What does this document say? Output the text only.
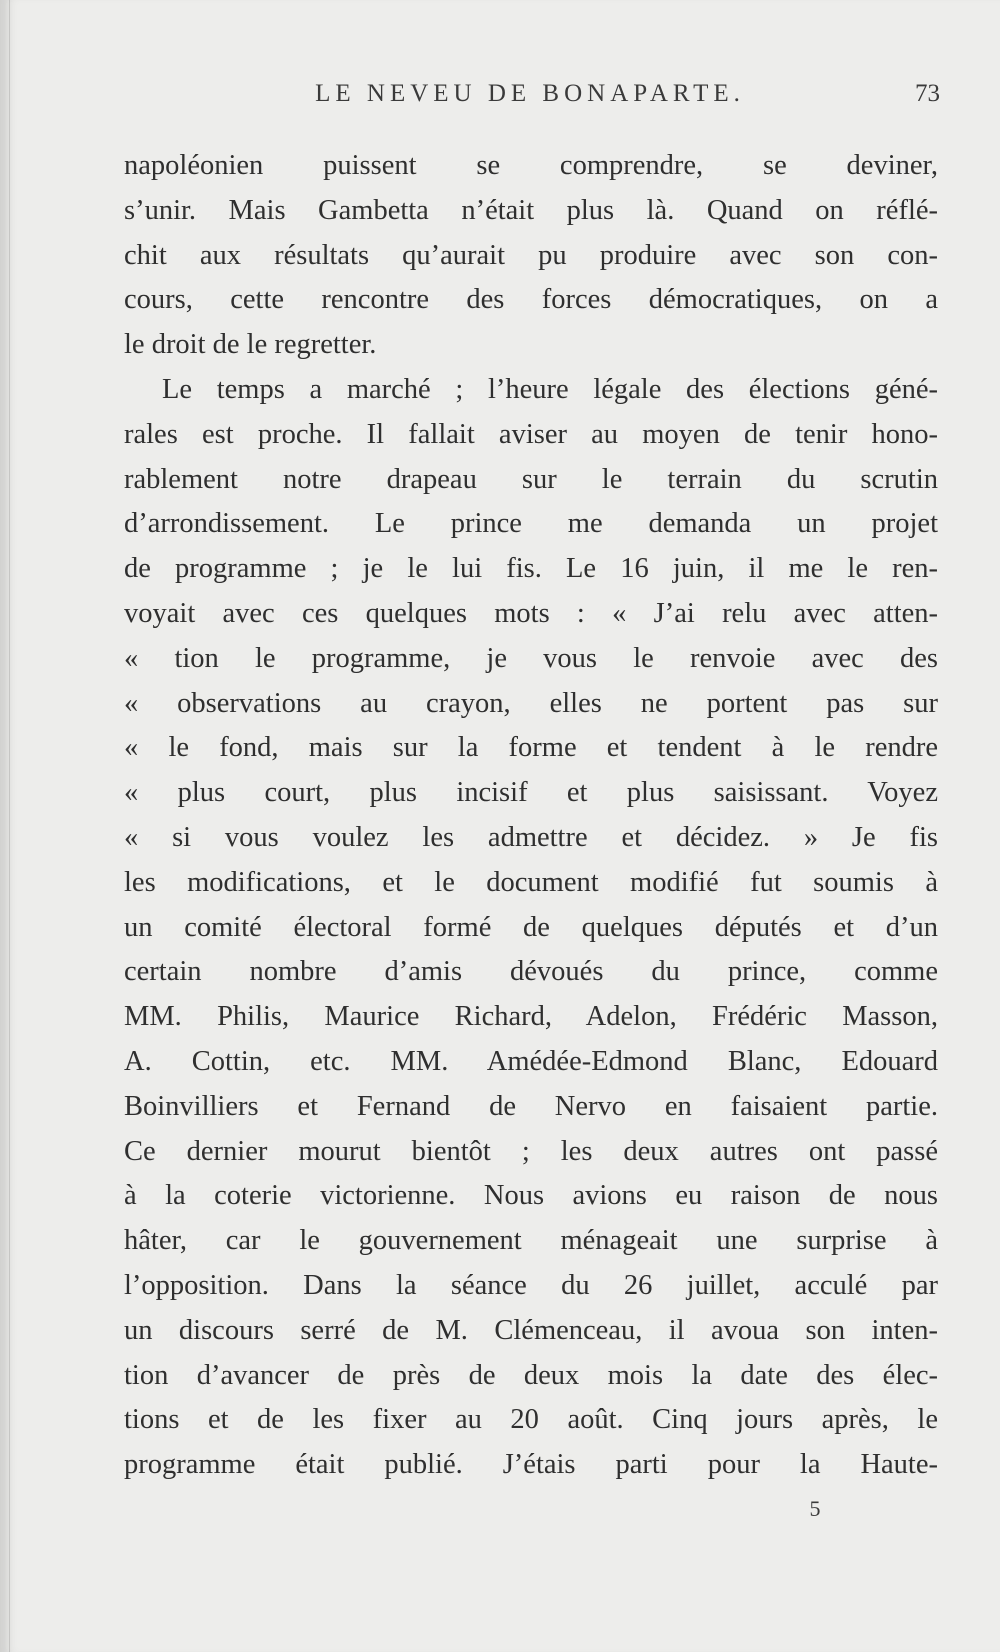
LE NEVEU DE BONAPARTE.	73
napoléonien puissent se comprendre, se deviner,
s’unir. Mais Gambetta n’était plus là. Quand on réflé-
chit aux résultats qu’aurait pu produire avec son con-
cours, cette rencontre des forces démocratiques, on a
le droit de le regretter.
Le temps a marché ; l’heure légale des élections géné-
rales est proche. Il fallait aviser au moyen de tenir hono-
rablement notre drapeau sur le terrain du scrutin
d’arrondissement. Le prince me demanda un projet
de programme ; je le lui fis. Le 16 juin, il me le ren-
voyait avec ces quelques mots : « J’ai relu avec atten-
« tion le programme, je vous le renvoie avec des
« observations au crayon, elles ne portent pas sur
« le fond, mais sur la forme et tendent à le rendre
« plus court, plus incisif et plus saisissant. Voyez
« si vous voulez les admettre et décidez. » Je fis
les modifications, et le document modifié fut soumis à
un comité électoral formé de quelques députés et d’un
certain nombre d’amis dévoués du prince, comme
MM. Philis, Maurice Richard, Adelon, Frédéric Masson,
A. Cottin, etc. MM. Amédée-Edmond Blanc, Edouard
Boinvilliers et Fernand de Nervo en faisaient partie.
Ce dernier mourut bientôt ; les deux autres ont passé
à la coterie victorienne. Nous avions eu raison de nous
hâter, car le gouvernement ménageait une surprise à
l’opposition. Dans la séance du 26 juillet, acculé par
un discours serré de M. Clémenceau, il avoua son inten-
tion d’avancer de près de deux mois la date des élec-
tions et de les fixer au 20 août. Cinq jours après, le
programme était publié. J’étais parti pour la Haute-
5
